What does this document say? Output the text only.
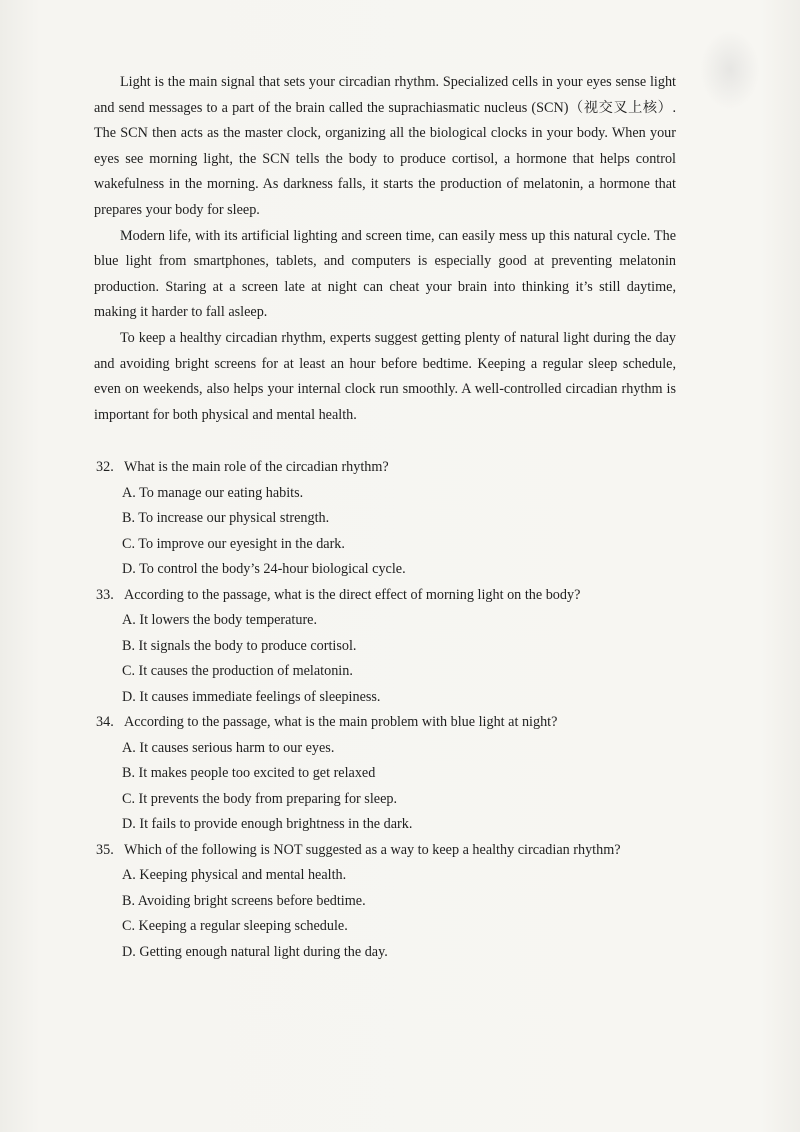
Light is the main signal that sets your circadian rhythm. Specialized cells in your eyes sense light and send messages to a part of the brain called the suprachiasmatic nucleus (SCN)（视交叉上核）. The SCN then acts as the master clock, organizing all the biological clocks in your body. When your eyes see morning light, the SCN tells the body to produce cortisol, a hormone that helps control wakefulness in the morning. As darkness falls, it starts the production of melatonin, a hormone that prepares your body for sleep.

Modern life, with its artificial lighting and screen time, can easily mess up this natural cycle. The blue light from smartphones, tablets, and computers is especially good at preventing melatonin production. Staring at a screen late at night can cheat your brain into thinking it’s still daytime, making it harder to fall asleep.

To keep a healthy circadian rhythm, experts suggest getting plenty of natural light during the day and avoiding bright screens for at least an hour before bedtime. Keeping a regular sleep schedule, even on weekends, also helps your internal clock run smoothly. A well-controlled circadian rhythm is important for both physical and mental health.

32. What is the main role of the circadian rhythm?
A. To manage our eating habits.
B. To increase our physical strength.
C. To improve our eyesight in the dark.
D. To control the body’s 24-hour biological cycle.
33. According to the passage, what is the direct effect of morning light on the body?
A. It lowers the body temperature.
B. It signals the body to produce cortisol.
C. It causes the production of melatonin.
D. It causes immediate feelings of sleepiness.
34. According to the passage, what is the main problem with blue light at night?
A. It causes serious harm to our eyes.
B. It makes people too excited to get relaxed
C. It prevents the body from preparing for sleep.
D. It fails to provide enough brightness in the dark.
35. Which of the following is NOT suggested as a way to keep a healthy circadian rhythm?
A. Keeping physical and mental health.
B. Avoiding bright screens before bedtime.
C. Keeping a regular sleeping schedule.
D. Getting enough natural light during the day.
